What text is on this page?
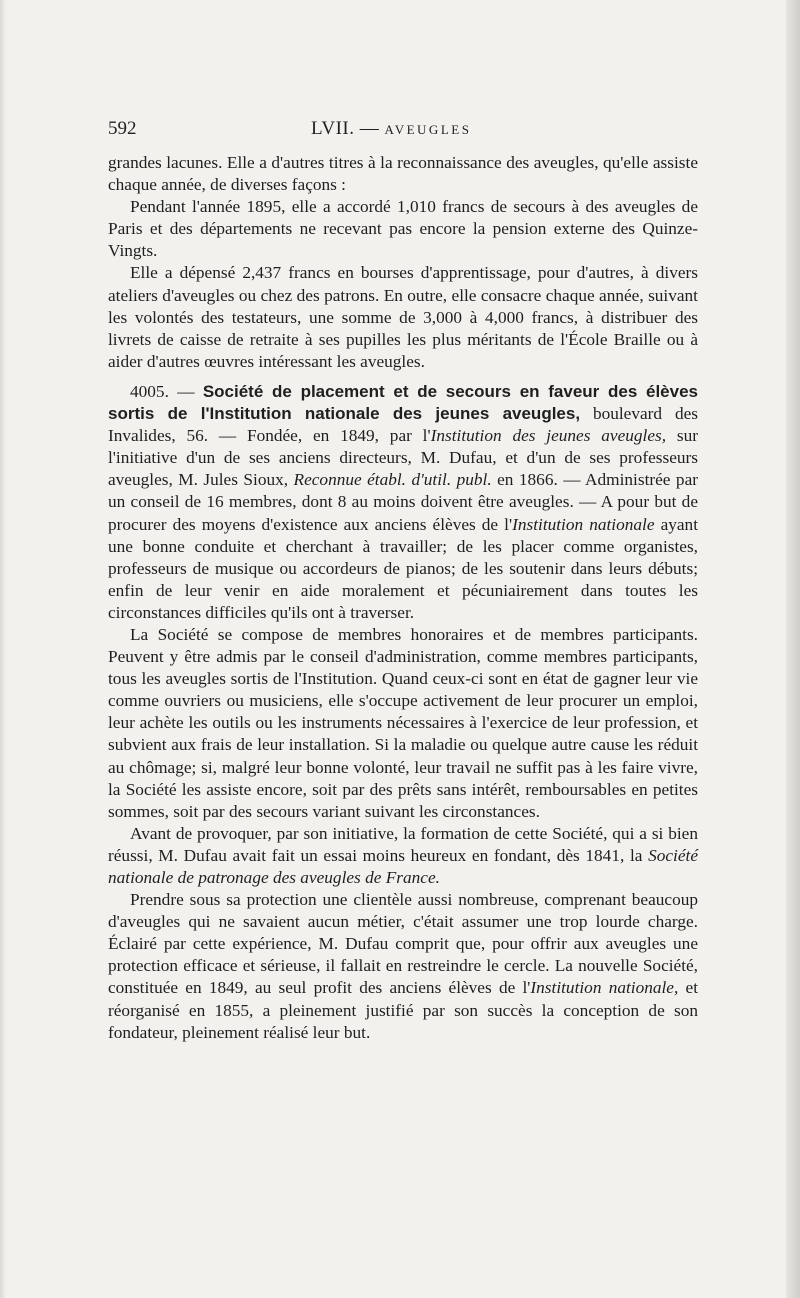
592	LVII. — AVEUGLES

grandes lacunes. Elle a d'autres titres à la reconnaissance des aveugles, qu'elle assiste chaque année, de diverses façons :

Pendant l'année 1895, elle a accordé 1,010 francs de secours à des aveugles de Paris et des départements ne recevant pas encore la pension externe des Quinze-Vingts.

Elle a dépensé 2,437 francs en bourses d'apprentissage, pour d'autres, à divers ateliers d'aveugles ou chez des patrons. En outre, elle consacre chaque année, suivant les volontés des testateurs, une somme de 3,000 à 4,000 francs, à distribuer des livrets de caisse de retraite à ses pupilles les plus méritants de l'École Braille ou à aider d'autres œuvres intéressant les aveugles.

4005. — Société de placement et de secours en faveur des élèves sortis de l'Institution nationale des jeunes aveugles, boulevard des Invalides, 56. — Fondée, en 1849, par l'Institution des jeunes aveugles, sur l'initiative d'un de ses anciens directeurs, M. Dufau, et d'un de ses professeurs aveugles, M. Jules Sioux, Reconnue établ. d'util. publ. en 1866. — Administrée par un conseil de 16 membres, dont 8 au moins doivent être aveugles. — A pour but de procurer des moyens d'existence aux anciens élèves de l'Institution nationale ayant une bonne conduite et cherchant à travailler; de les placer comme organistes, professeurs de musique ou accordeurs de pianos; de les soutenir dans leurs débuts; enfin de leur venir en aide moralement et pécuniairement dans toutes les circonstances difficiles qu'ils ont à traverser.

La Société se compose de membres honoraires et de membres participants. Peuvent y être admis par le conseil d'administration, comme membres participants, tous les aveugles sortis de l'Institution. Quand ceux-ci sont en état de gagner leur vie comme ouvriers ou musiciens, elle s'occupe activement de leur procurer un emploi, leur achète les outils ou les instruments nécessaires à l'exercice de leur profession, et subvient aux frais de leur installation. Si la maladie ou quelque autre cause les réduit au chômage; si, malgré leur bonne volonté, leur travail ne suffit pas à les faire vivre, la Société les assiste encore, soit par des prêts sans intérêt, remboursables en petites sommes, soit par des secours variant suivant les circonstances.

Avant de provoquer, par son initiative, la formation de cette Société, qui a si bien réussi, M. Dufau avait fait un essai moins heureux en fondant, dès 1841, la Société nationale de patronage des aveugles de France.

Prendre sous sa protection une clientèle aussi nombreuse, comprenant beaucoup d'aveugles qui ne savaient aucun métier, c'était assumer une trop lourde charge. Éclairé par cette expérience, M. Dufau comprit que, pour offrir aux aveugles une protection efficace et sérieuse, il fallait en restreindre le cercle. La nouvelle Société, constituée en 1849, au seul profit des anciens élèves de l'Institution nationale, et réorganisé en 1855, a pleinement justifié par son succès la conception de son fondateur, pleinement réalisé leur but.
